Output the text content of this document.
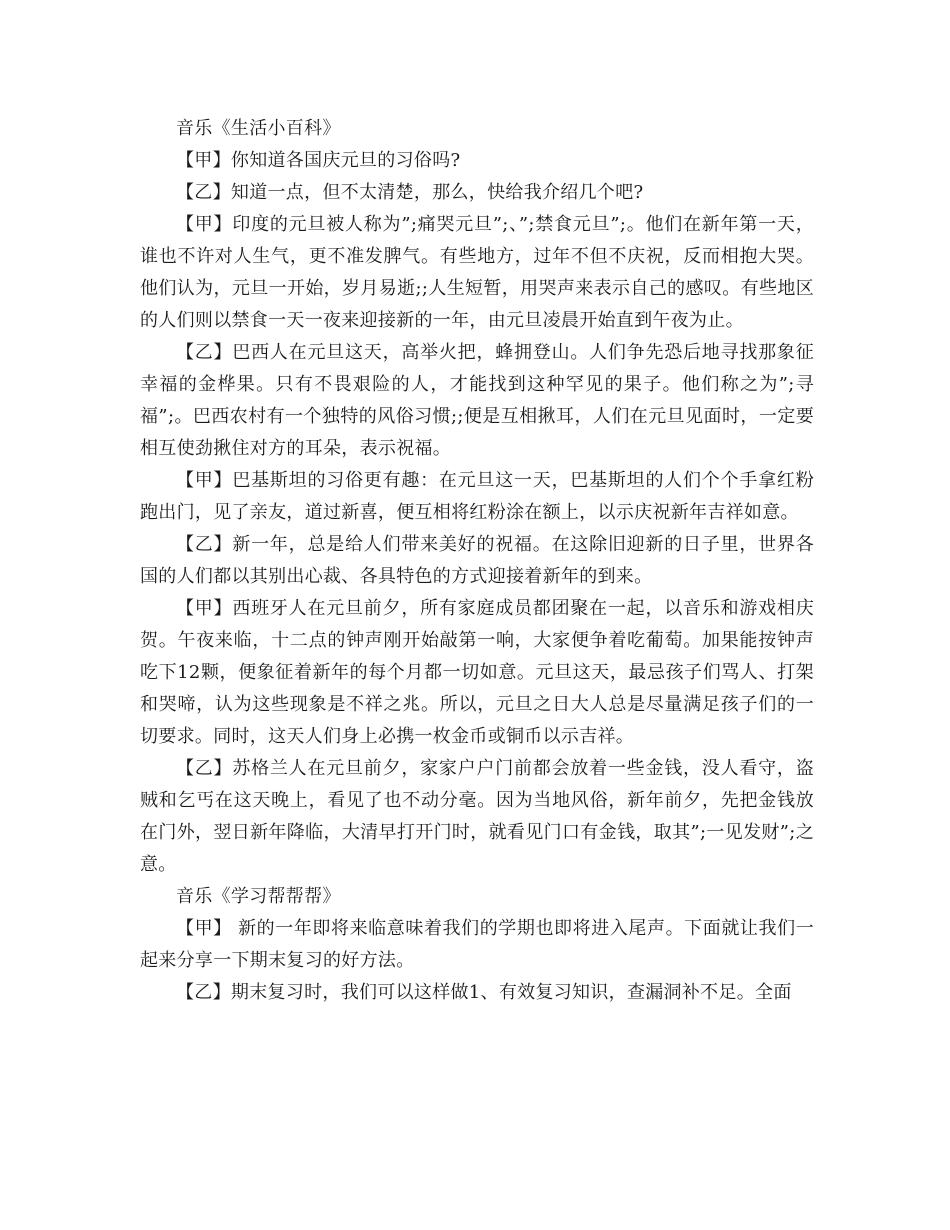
音乐《生活小百科》

【甲】你知道各国庆元旦的习俗吗?

【乙】知道一点，但不太清楚，那么，快给我介绍几个吧?

【甲】印度的元旦被人称为”;痛哭元旦”;、”;禁食元旦”;。他们在新年第一天，谁也不许对人生气，更不准发脾气。有些地方，过年不但不庆祝，反而相抱大哭。他们认为，元旦一开始，岁月易逝;;人生短暂，用哭声来表示自己的感叹。有些地区的人们则以禁食一天一夜来迎接新的一年，由元旦凌晨开始直到午夜为止。

【乙】巴西人在元旦这天，高举火把，蜂拥登山。人们争先恐后地寻找那象征幸福的金桦果。只有不畏艰险的人，才能找到这种罕见的果子。他们称之为”;寻福”;。巴西农村有一个独特的风俗习惯;;便是互相揪耳，人们在元旦见面时，一定要相互使劲揪住对方的耳朵，表示祝福。

【甲】巴基斯坦的习俗更有趣：在元旦这一天，巴基斯坦的人们个个手拿红粉跑出门，见了亲友，道过新喜，便互相将红粉涂在额上，以示庆祝新年吉祥如意。

【乙】新一年，总是给人们带来美好的祝福。在这除旧迎新的日子里，世界各国的人们都以其别出心裁、各具特色的方式迎接着新年的到来。

【甲】西班牙人在元旦前夕，所有家庭成员都团聚在一起，以音乐和游戏相庆贺。午夜来临，十二点的钟声刚开始敲第一响，大家便争着吃葡萄。加果能按钟声吃下12颗，便象征着新年的每个月都一切如意。元旦这天，最忌孩子们骂人、打架和哭啼，认为这些现象是不祥之兆。所以，元旦之日大人总是尽量满足孩子们的一切要求。同时，这天人们身上必携一枚金币或铜币以示吉祥。

【乙】苏格兰人在元旦前夕，家家户户门前都会放着一些金钱，没人看守，盗贼和乞丐在这天晚上，看见了也不动分毫。因为当地风俗，新年前夕，先把金钱放在门外，翌日新年降临，大清早打开门时，就看见门口有金钱，取其”;一见发财”;之意。

音乐《学习帮帮帮》

【甲】 新的一年即将来临意味着我们的学期也即将进入尾声。下面就让我们一起来分享一下期末复习的好方法。

【乙】期末复习时，我们可以这样做1、有效复习知识，查漏洞补不足。全面
